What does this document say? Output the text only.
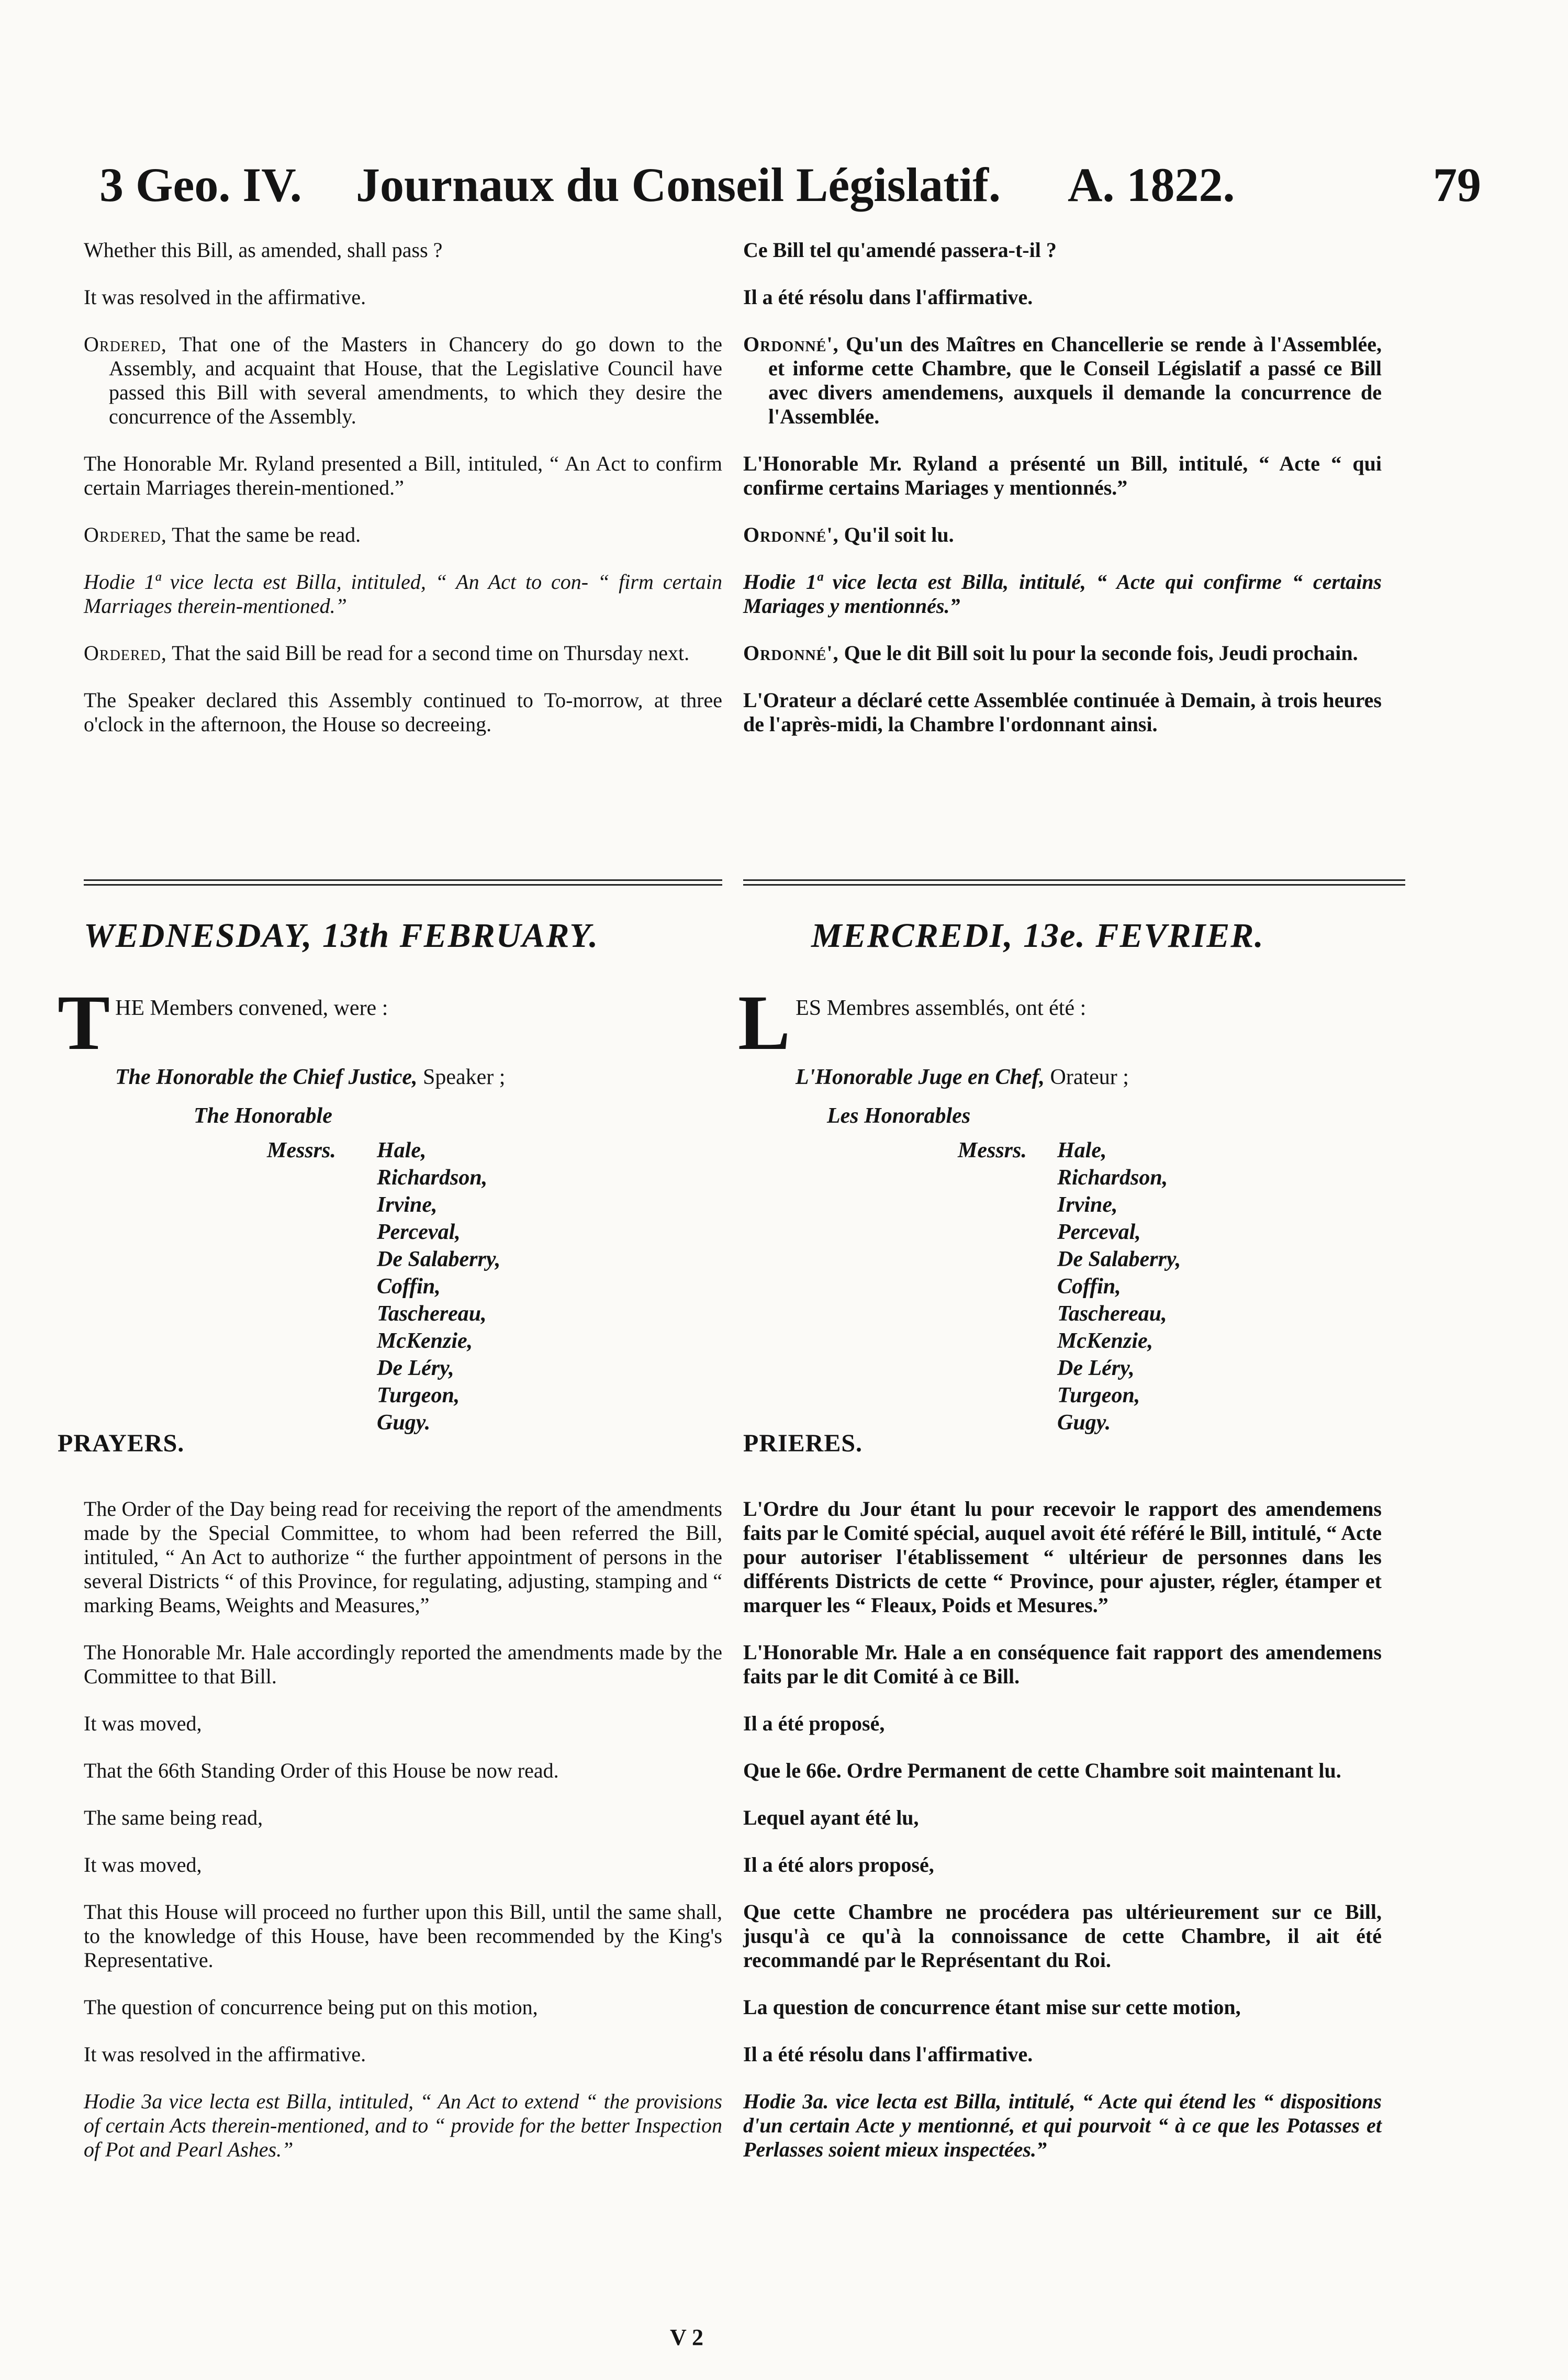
3 Geo. IV. Journaux du Conseil Législatif. A. 1822.	79

Whether this Bill, as amended, shall pass ?

It was resolved in the affirmative.

Ordered, That one of the Masters in Chancery do go down to the Assembly, and acquaint that House, that the Legislative Council have passed this Bill with several amendments, to which they desire the concurrence of the Assembly.

The Honorable Mr. Ryland presented a Bill, intituled, “ An Act to confirm certain Marriages therein-mentioned.”

Ordered, That the same be read.

Hodie 1ª vice lecta est Billa, intituled, “ An Act to con- “ firm certain Marriages therein-mentioned.”

Ordered, That the said Bill be read for a second time on Thursday next.

The Speaker declared this Assembly continued to To-morrow, at three o'clock in the afternoon, the House so decreeing.

Ce Bill tel qu'amendé passera-t-il ?

Il a été résolu dans l'affirmative.

Ordonné', Qu'un des Maîtres en Chancellerie se rende à l'Assemblée, et informe cette Chambre, que le Conseil Législatif a passé ce Bill avec divers amendemens, auxquels il demande la concurrence de l'Assemblée.

L'Honorable Mr. Ryland a présenté un Bill, intitulé, “ Acte “ qui confirme certains Mariages y mentionnés.”

Ordonné', Qu'il soit lu.

Hodie 1ª vice lecta est Billa, intitulé, “ Acte qui confirme “ certains Mariages y mentionnés.”

Ordonné', Que le dit Bill soit lu pour la seconde fois, Jeudi prochain.

L'Orateur a déclaré cette Assemblée continuée à Demain, à trois heures de l'après-midi, la Chambre l'ordonnant ainsi.

WEDNESDAY, 13th FEBRUARY.	MERCREDI, 13e. FEVRIER.
THE Members convened, were :
The Honorable the Chief Justice, Speaker ;
The Honorable
Messrs.	Hale,
Richardson,
Irvine,
Perceval,
De Salaberry,
Coffin,
Taschereau,
McKenzie,
De Léry,
Turgeon,
Gugy.
LES Membres assemblés, ont été :
L'Honorable Juge en Chef, Orateur ;
Les Honorables
Messrs.	Hale,
Richardson,
Irvine,
Perceval,
De Salaberry,
Coffin,
Taschereau,
McKenzie,
De Léry,
Turgeon,
Gugy.
PRAYERS.	PRIERES.

The Order of the Day being read for receiving the report of the amendments made by the Special Committee, to whom had been referred the Bill, intituled, “ An Act to authorize “ the further appointment of persons in the several Districts “ of this Province, for regulating, adjusting, stamping and “ marking Beams, Weights and Measures,”

The Honorable Mr. Hale accordingly reported the amendments made by the Committee to that Bill.

It was moved,

That the 66th Standing Order of this House be now read.

The same being read,

It was moved,

That this House will proceed no further upon this Bill, until the same shall, to the knowledge of this House, have been recommended by the King's Representative.

The question of concurrence being put on this motion,

It was resolved in the affirmative.

Hodie 3a vice lecta est Billa, intituled, “ An Act to extend “ the provisions of certain Acts therein-mentioned, and to “ provide for the better Inspection of Pot and Pearl Ashes.”

L'Ordre du Jour étant lu pour recevoir le rapport des amendemens faits par le Comité spécial, auquel avoit été référé le Bill, intitulé, “ Acte pour autoriser l'établissement “ ultérieur de personnes dans les différents Districts de cette “ Province, pour ajuster, régler, étamper et marquer les “ Fleaux, Poids et Mesures.”

L'Honorable Mr. Hale a en conséquence fait rapport des amendemens faits par le dit Comité à ce Bill.

Il a été proposé,

Que le 66e. Ordre Permanent de cette Chambre soit maintenant lu.

Lequel ayant été lu,

Il a été alors proposé,

Que cette Chambre ne procédera pas ultérieurement sur ce Bill, jusqu'à ce qu'à la connoissance de cette Chambre, il ait été recommandé par le Représentant du Roi.

La question de concurrence étant mise sur cette motion,

Il a été résolu dans l'affirmative.

Hodie 3a. vice lecta est Billa, intitulé, “ Acte qui étend les “ dispositions d'un certain Acte y mentionné, et qui pourvoit “ à ce que les Potasses et Perlasses soient mieux inspectées.”

V 2
